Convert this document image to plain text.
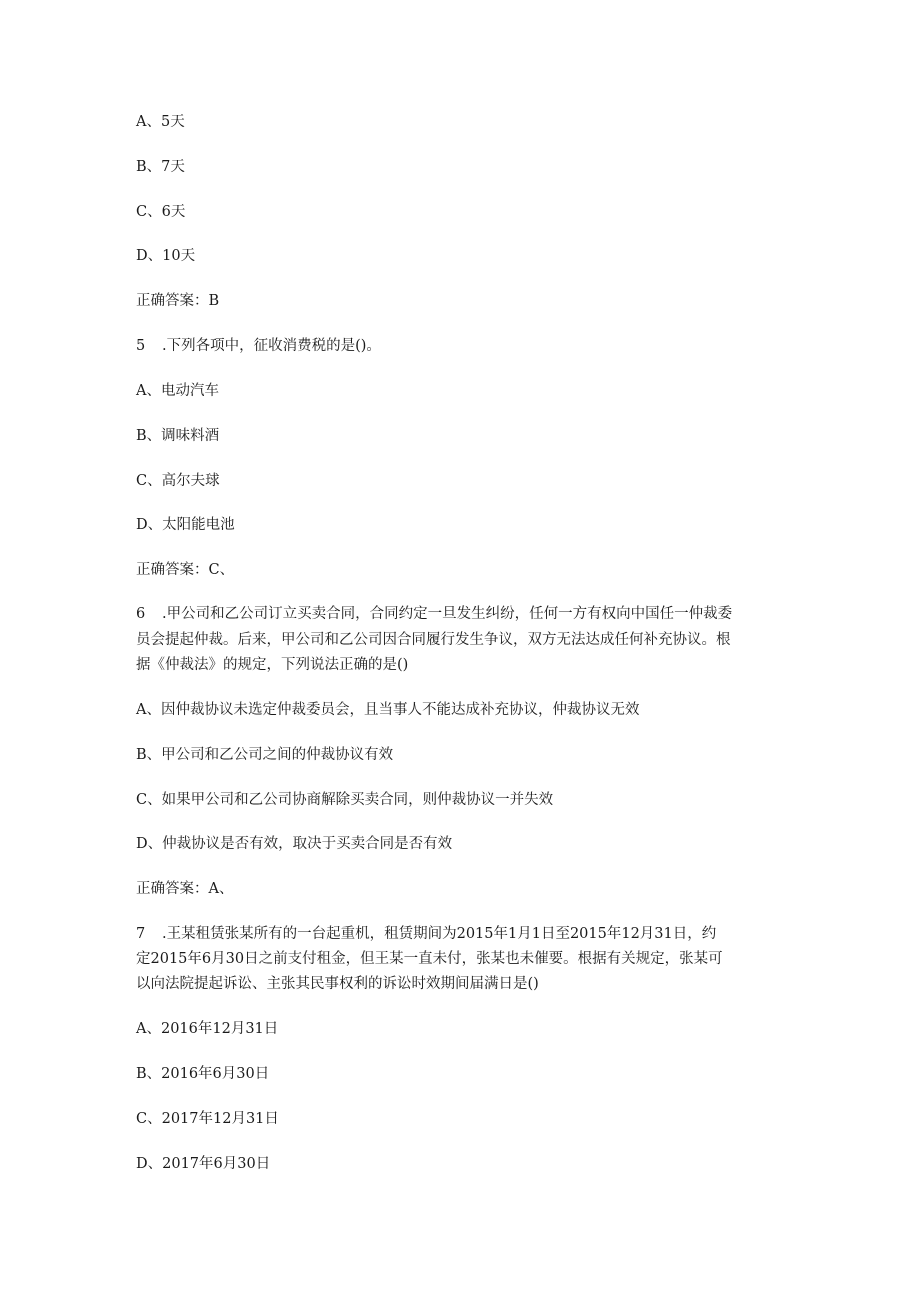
A、5天
B、7天
C、6天
D、10天
正确答案：B
5 .下列各项中，征收消费税的是()。
A、电动汽车
B、调味料酒
C、高尔夫球
D、太阳能电池
正确答案：C、
6 .甲公司和乙公司订立买卖合同，合同约定一旦发生纠纷，任何一方有权向中国任一仲裁委
员会提起仲裁。后来，甲公司和乙公司因合同履行发生争议，双方无法达成任何补充协议。根
据《仲裁法》的规定，下列说法正确的是()
A、因仲裁协议未选定仲裁委员会，且当事人不能达成补充协议，仲裁协议无效
B、甲公司和乙公司之间的仲裁协议有效
C、如果甲公司和乙公司协商解除买卖合同，则仲裁协议一并失效
D、仲裁协议是否有效，取决于买卖合同是否有效
正确答案：A、
7 .王某租赁张某所有的一台起重机，租赁期间为2015年1月1日至2015年12月31日，约
定2015年6月30日之前支付租金，但王某一直未付，张某也未催要。根据有关规定，张某可
以向法院提起诉讼、主张其民事权利的诉讼时效期间届满日是()
A、2016年12月31日
B、2016年6月30日
C、2017年12月31日
D、2017年6月30日
